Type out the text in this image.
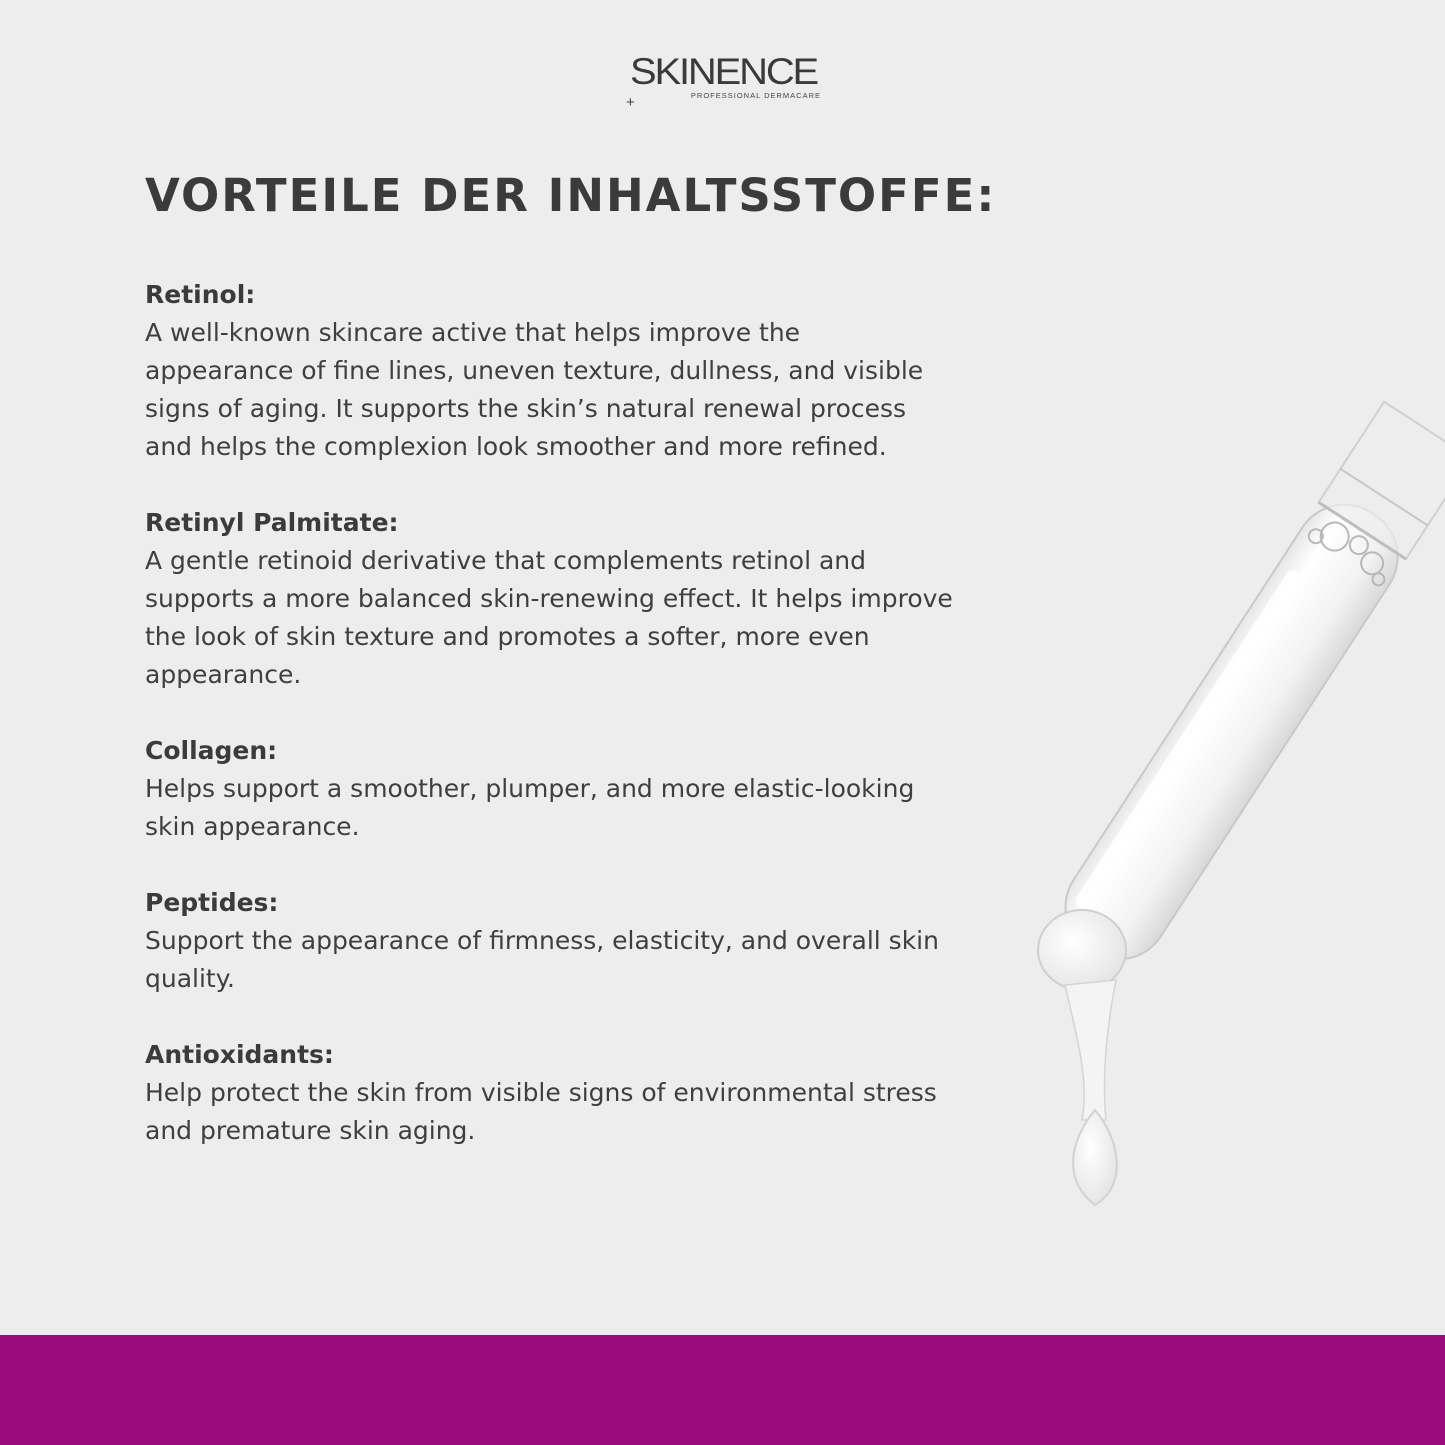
SKINENCE
PROFESSIONAL DERMACARE
+
VORTEILE DER INHALTSSTOFFE:
Retinol:
A well-known skincare active that helps improve the appearance of fine lines, uneven texture, dullness, and visible signs of aging. It supports the skin’s natural renewal process and helps the complexion look smoother and more refined.
Retinyl Palmitate:
A gentle retinoid derivative that complements retinol and supports a more balanced skin-renewing effect. It helps improve the look of skin texture and promotes a softer, more even appearance.
Collagen:
Helps support a smoother, plumper, and more elastic-looking skin appearance.
Peptides:
Support the appearance of firmness, elasticity, and overall skin quality.
Antioxidants:
Help protect the skin from visible signs of environmental stress and premature skin aging.
